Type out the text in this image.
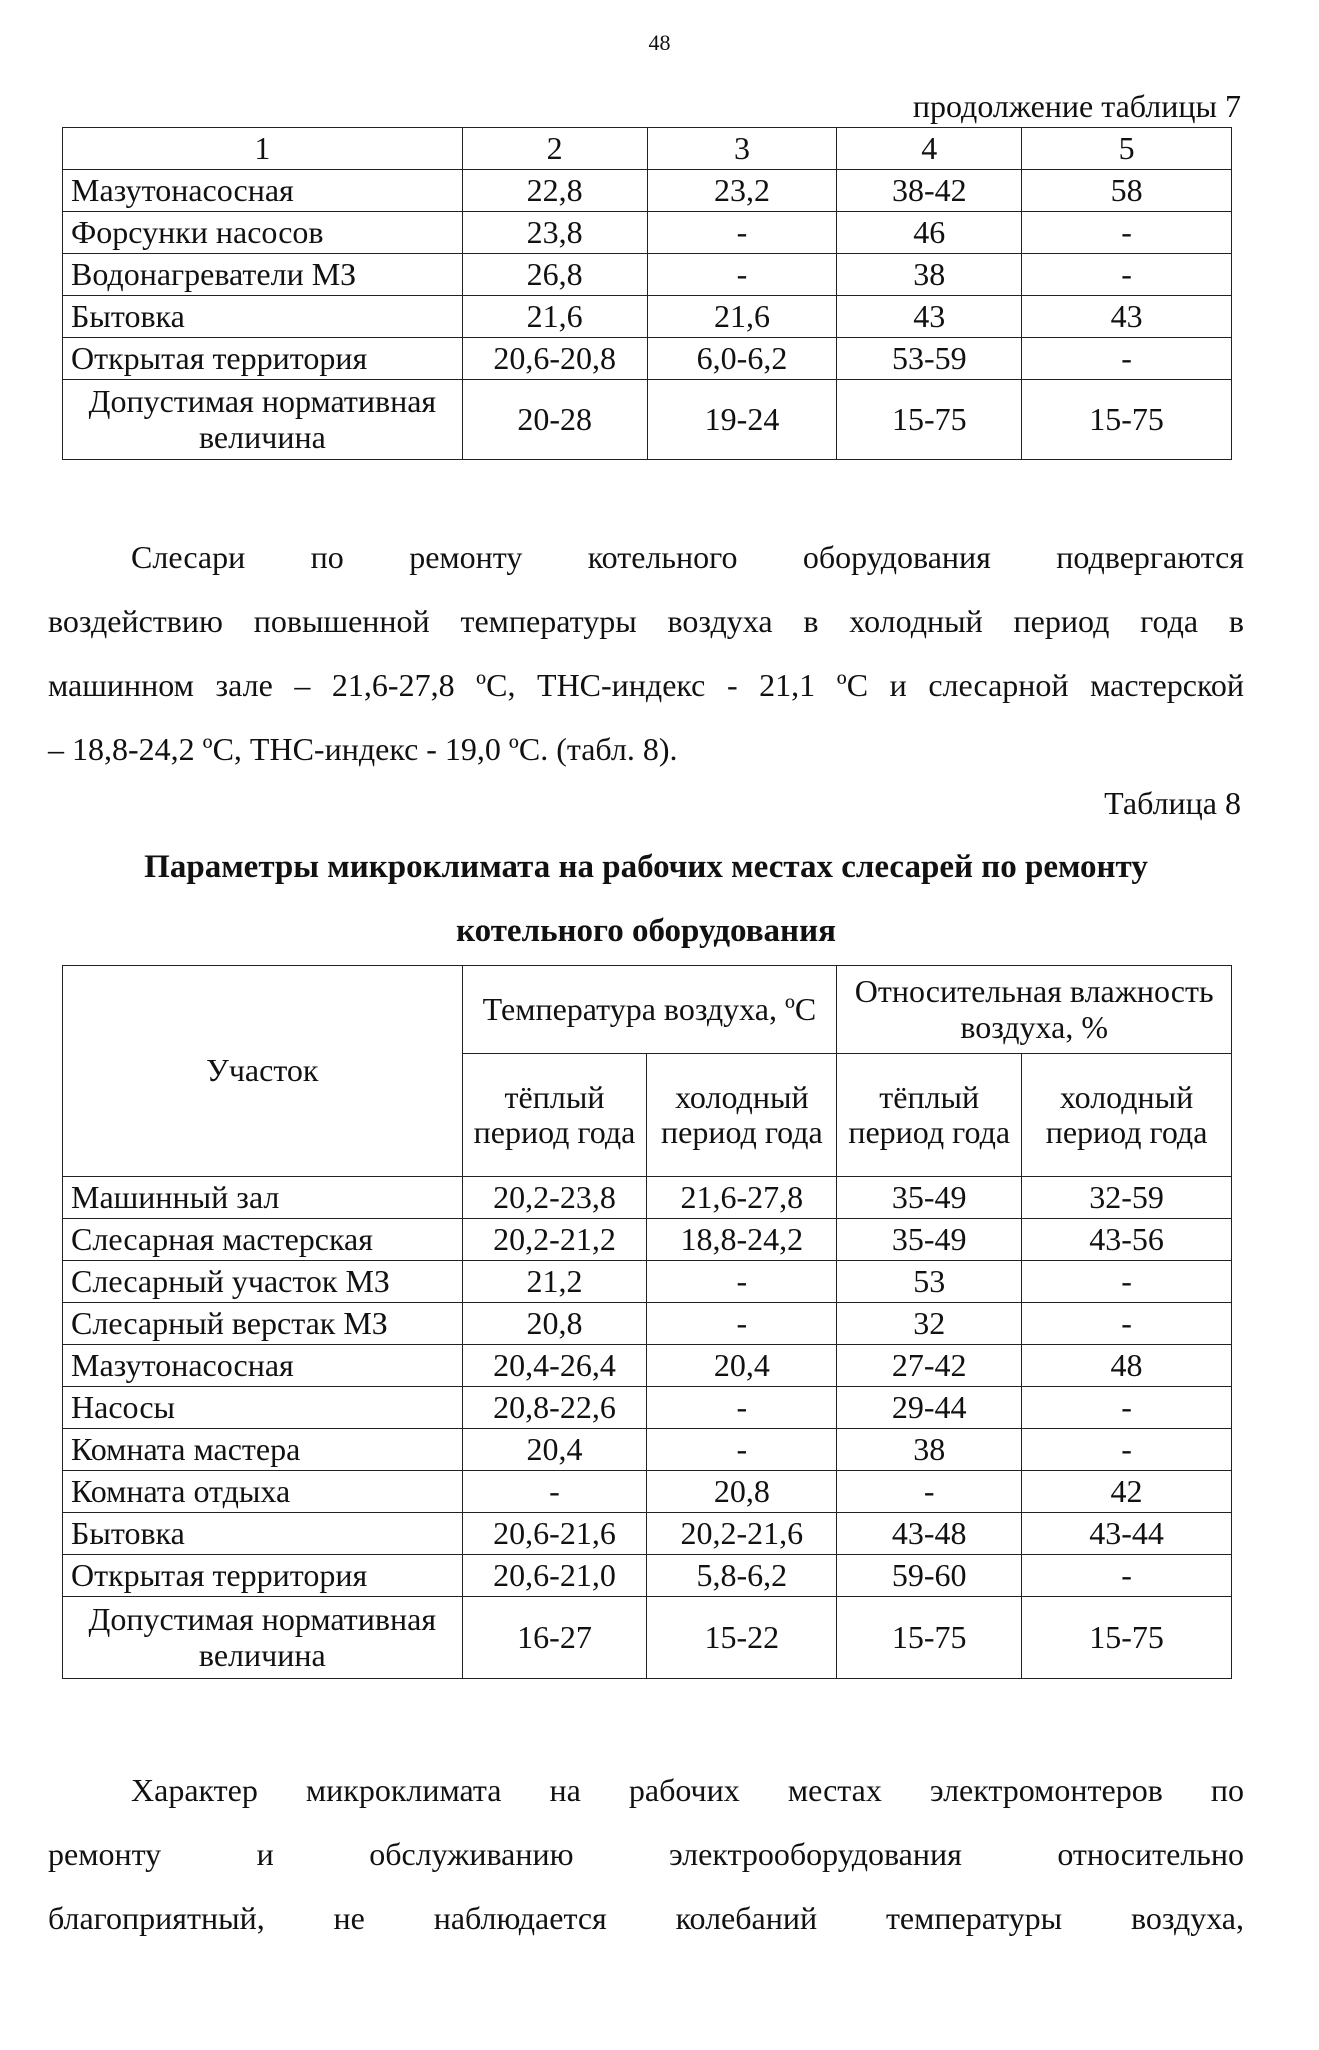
48
продолжение таблицы 7
1	2	3	4	5
Мазутонасосная	22,8	23,2	38-42	58
Форсунки насосов	23,8	-	46	-
Водонагреватели МЗ	26,8	-	38	-
Бытовка	21,6	21,6	43	43
Открытая территория	20,6-20,8	6,0-6,2	53-59	-
Допустимая нормативная величина	20-28	19-24	15-75	15-75
Слесари по ремонту котельного оборудования подвергаются
воздействию повышенной температуры воздуха в холодный период года в
машинном зале – 21,6-27,8 ºС, ТНС-индекс - 21,1 ºС и слесарной мастерской
– 18,8-24,2 ºС, ТНС-индекс - 19,0 ºС. (табл. 8).
Таблица 8
Параметры микроклимата на рабочих местах слесарей по ремонту
котельного оборудования
Участок	Температура воздуха, ºС		Относительная влажность воздуха, %	
	тёплый период года	холодный период года	тёплый период года	холодный период года
Машинный зал	20,2-23,8	21,6-27,8	35-49	32-59
Слесарная мастерская	20,2-21,2	18,8-24,2	35-49	43-56
Слесарный участок МЗ	21,2	-	53	-
Слесарный верстак МЗ	20,8	-	32	-
Мазутонасосная	20,4-26,4	20,4	27-42	48
Насосы	20,8-22,6	-	29-44	-
Комната мастера	20,4	-	38	-
Комната отдыха	-	20,8	-	42
Бытовка	20,6-21,6	20,2-21,6	43-48	43-44
Открытая территория	20,6-21,0	5,8-6,2	59-60	-
Допустимая нормативная величина	16-27	15-22	15-75	15-75
Характер микроклимата на рабочих местах электромонтеров по
ремонту и обслуживанию электрооборудования относительно
благоприятный, не наблюдается колебаний температуры воздуха,
